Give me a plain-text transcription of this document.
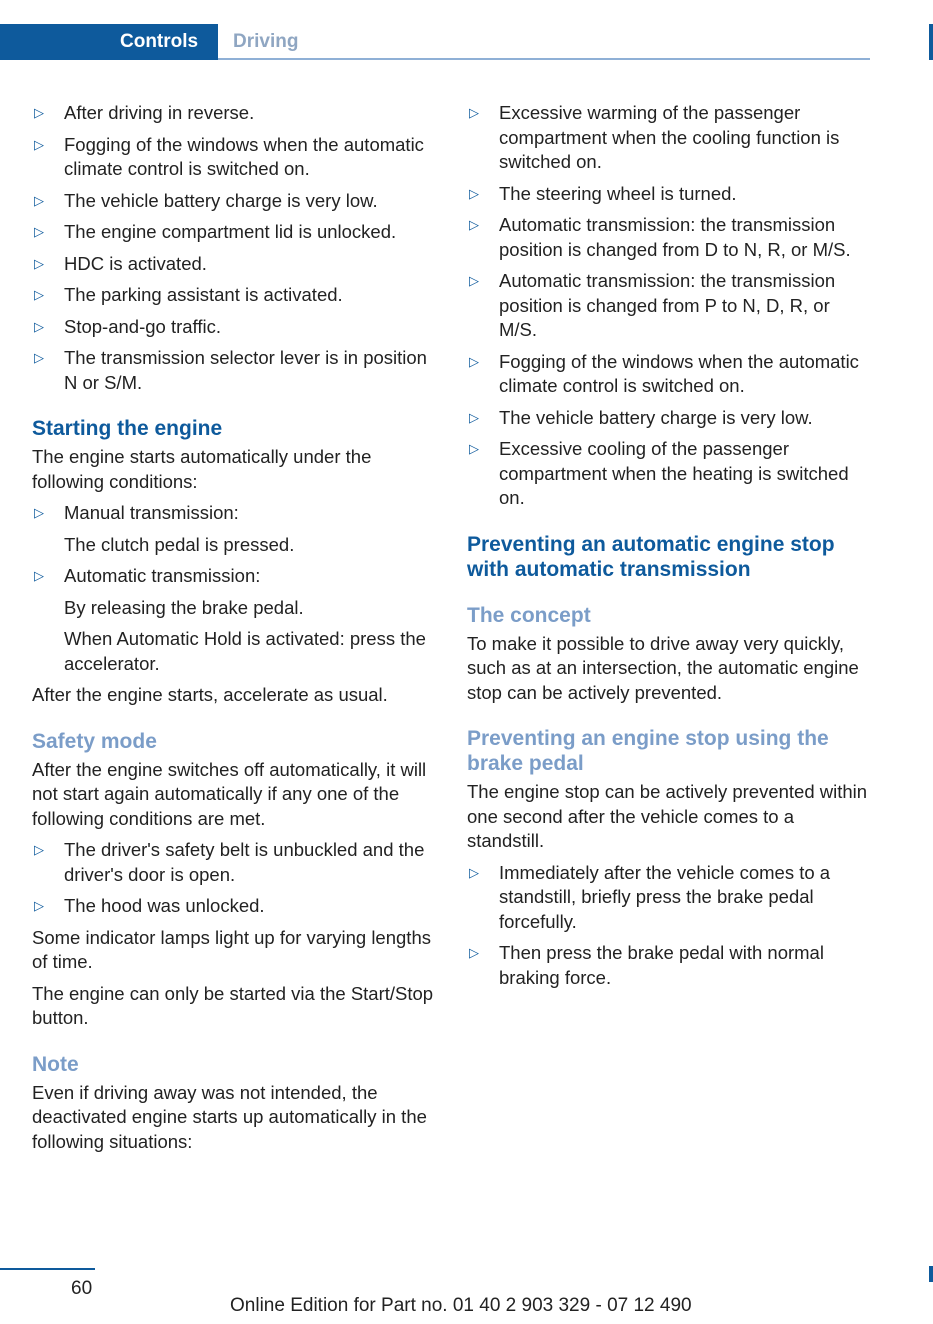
Controls	Driving
▷ After driving in reverse.
▷ Fogging of the windows when the automatic climate control is switched on.
▷ The vehicle battery charge is very low.
▷ The engine compartment lid is unlocked.
▷ HDC is activated.
▷ The parking assistant is activated.
▷ Stop-and-go traffic.
▷ The transmission selector lever is in position N or S/M.
Starting the engine

The engine starts automatically under the following conditions:

▷ Manual transmission:
The clutch pedal is pressed.
▷ Automatic transmission:
By releasing the brake pedal.
When Automatic Hold is activated: press the accelerator.

After the engine starts, accelerate as usual.

Safety mode

After the engine switches off automatically, it will not start again automatically if any one of the following conditions are met.

▷ The driver's safety belt is unbuckled and the driver's door is open.
▷ The hood was unlocked.

Some indicator lamps light up for varying lengths of time.

The engine can only be started via the Start/Stop button.

Note

Even if driving away was not intended, the deactivated engine starts up automatically in the following situations:

▷ Excessive warming of the passenger compartment when the cooling function is switched on.
▷ The steering wheel is turned.
▷ Automatic transmission: the transmission position is changed from D to N, R, or M/S.
▷ Automatic transmission: the transmission position is changed from P to N, D, R, or M/S.
▷ Fogging of the windows when the automatic climate control is switched on.
▷ The vehicle battery charge is very low.
▷ Excessive cooling of the passenger compartment when the heating is switched on.
Preventing an automatic engine stop with automatic transmission
The concept

To make it possible to drive away very quickly, such as at an intersection, the automatic engine stop can be actively prevented.

Preventing an engine stop using the brake pedal

The engine stop can be actively prevented within one second after the vehicle comes to a standstill.

▷ Immediately after the vehicle comes to a standstill, briefly press the brake pedal forcefully.
▷ Then press the brake pedal with normal braking force.
60
Online Edition for Part no. 01 40 2 903 329 - 07 12 490
